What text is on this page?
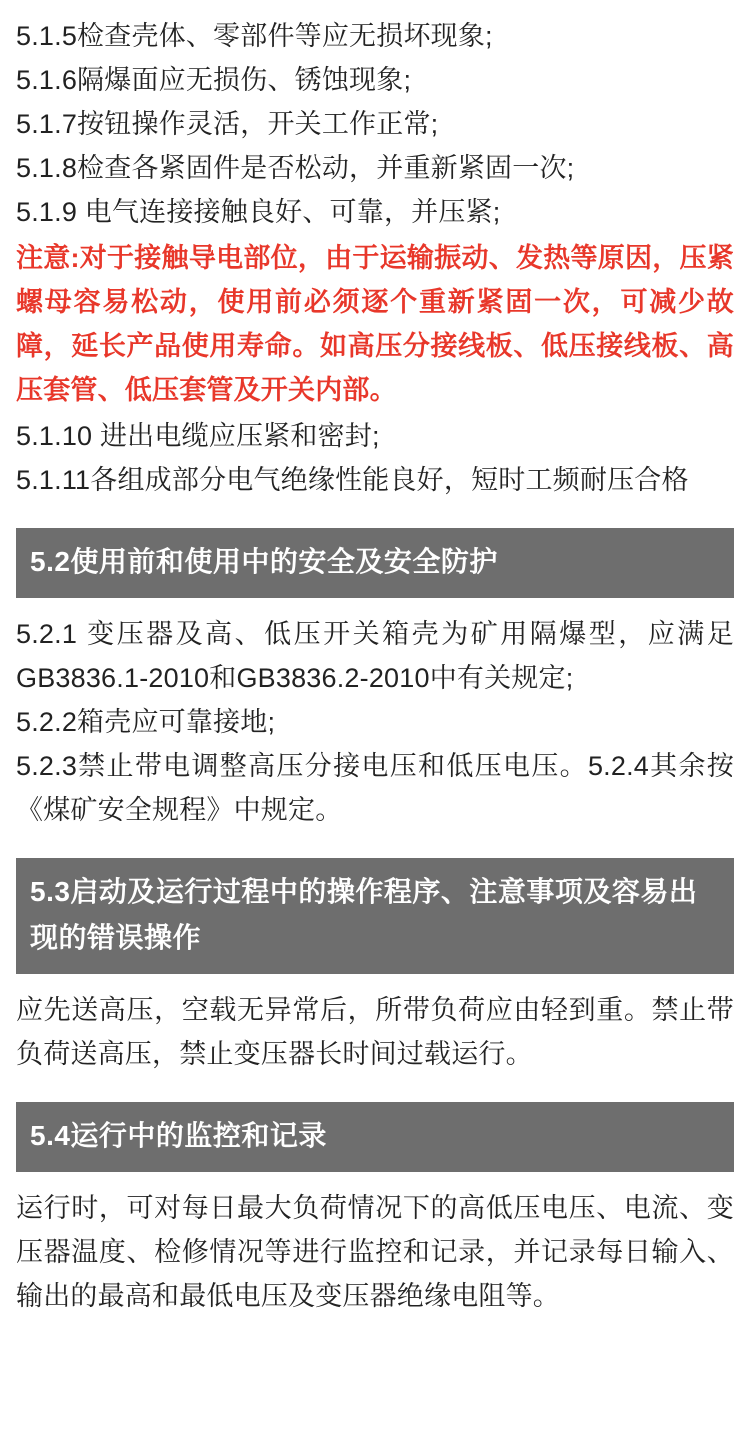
5.1.5检查壳体、零部件等应无损坏现象;

5.1.6隔爆面应无损伤、锈蚀现象;

5.1.7按钮操作灵活，开关工作正常;

5.1.8检查各紧固件是否松动，并重新紧固一次;

5.1.9 电气连接接触良好、可靠，并压紧;

注意:对于接触导电部位，由于运输振动、发热等原因，压紧螺母容易松动，使用前必须逐个重新紧固一次，可减少故障，延长产品使用寿命。如高压分接线板、低压接线板、高压套管、低压套管及开关内部。

5.1.10 进出电缆应压紧和密封;

5.1.11各组成部分电气绝缘性能良好，短时工频耐压合格

5.2使用前和使用中的安全及安全防护

5.2.1 变压器及高、低压开关箱壳为矿用隔爆型，应满足GB3836.1-2010和GB3836.2-2010中有关规定;

5.2.2箱壳应可靠接地;

5.2.3禁止带电调整高压分接电压和低压电压。5.2.4其余按《煤矿安全规程》中规定。

5.3启动及运行过程中的操作程序、注意事项及容易出现的错误操作

应先送高压，空载无异常后，所带负荷应由轻到重。禁止带负荷送高压，禁止变压器长时间过载运行。

5.4运行中的监控和记录

运行时，可对每日最大负荷情况下的高低压电压、电流、变压器温度、检修情况等进行监控和记录，并记录每日输入、输出的最高和最低电压及变压器绝缘电阻等。
